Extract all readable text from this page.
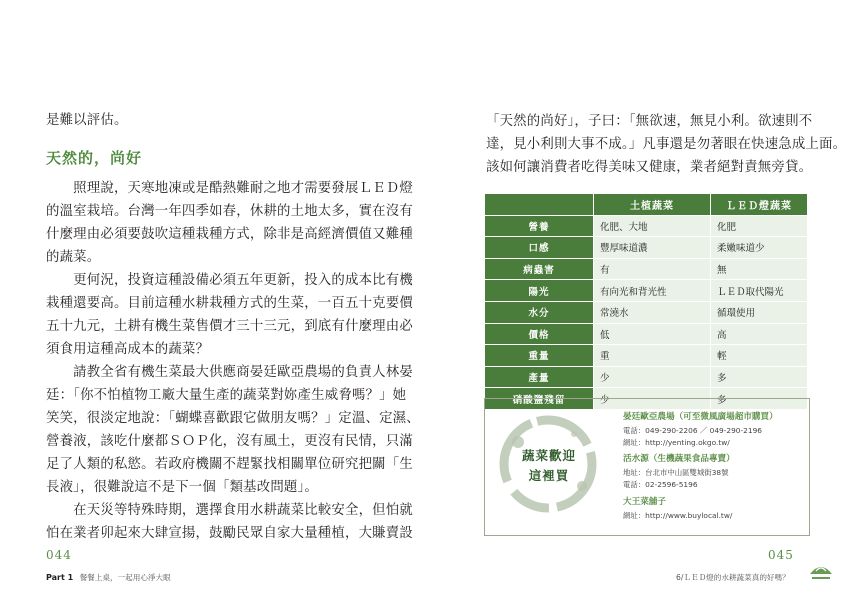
是難以評估。

天然的，尚好

　　照理說，天寒地凍或是酷熱難耐之地才需要發展ＬＥＤ燈

的溫室栽培。台灣一年四季如春，休耕的土地太多，實在沒有

什麼理由必須要鼓吹這種栽種方式，除非是高經濟價值又難種

的蔬菜。

　　更何況，投資這種設備必須五年更新，投入的成本比有機

栽種還要高。目前這種水耕栽種方式的生菜，一百五十克要價

五十九元，土耕有機生菜售價才三十三元，到底有什麼理由必

須食用這種高成本的蔬菜？

　　請教全省有機生菜最大供應商晏廷歐亞農場的負責人林晏

廷：「你不怕植物工廠大量生產的蔬菜對妳產生威脅嗎？」她

笑笑，很淡定地說：「蝴蝶喜歡跟它做朋友嗎？」定溫、定濕、

營養液，該吃什麼都ＳＯＰ化，沒有風土，更沒有民情，只滿

足了人類的私慾。若政府機關不趕緊找相關單位研究把關「生

長液」，很難說這不是下一個「類基改問題」。

　　在天災等特殊時期，選擇食用水耕蔬菜比較安全，但怕就

怕在業者卯起來大肆宣揚，鼓勵民眾自家大量種植，大賺賣設

044
Part 1 餐餐上桌，一起用心淨大眼

「天然的尚好」，子曰：「無欲速，無見小利。欲速則不

達，見小利則大事不成。」凡事還是勿著眼在快速急成上面。

該如何讓消費者吃得美味又健康，業者絕對責無旁貸。

	土植蔬菜	ＬＥＤ燈蔬菜
營養	化肥、大地	化肥
口感	豐厚味道濃	柔嫩味道少
病蟲害	有	無
陽光	有向光和背光性	ＬＥＤ取代陽光
水分	常澆水	循環使用
價格	低	高
重量	重	輕
產量	少	多
硝酸鹽殘留	少	多
蔬菜歡迎
這裡買
晏廷歐亞農場（可至微風廣場超市購買）
電話：049-290-2206 ／ 049-290-2196
網址：http://yenting.okgo.tw/
活水源（生機蔬果食品專賣）
地址：台北市中山區雙城街38號
電話：02-2596-5196
大王菜舖子
網址：http://www.buylocal.tw/
045
6/ＬＥＤ燈的水耕蔬菜真的好嗎？
